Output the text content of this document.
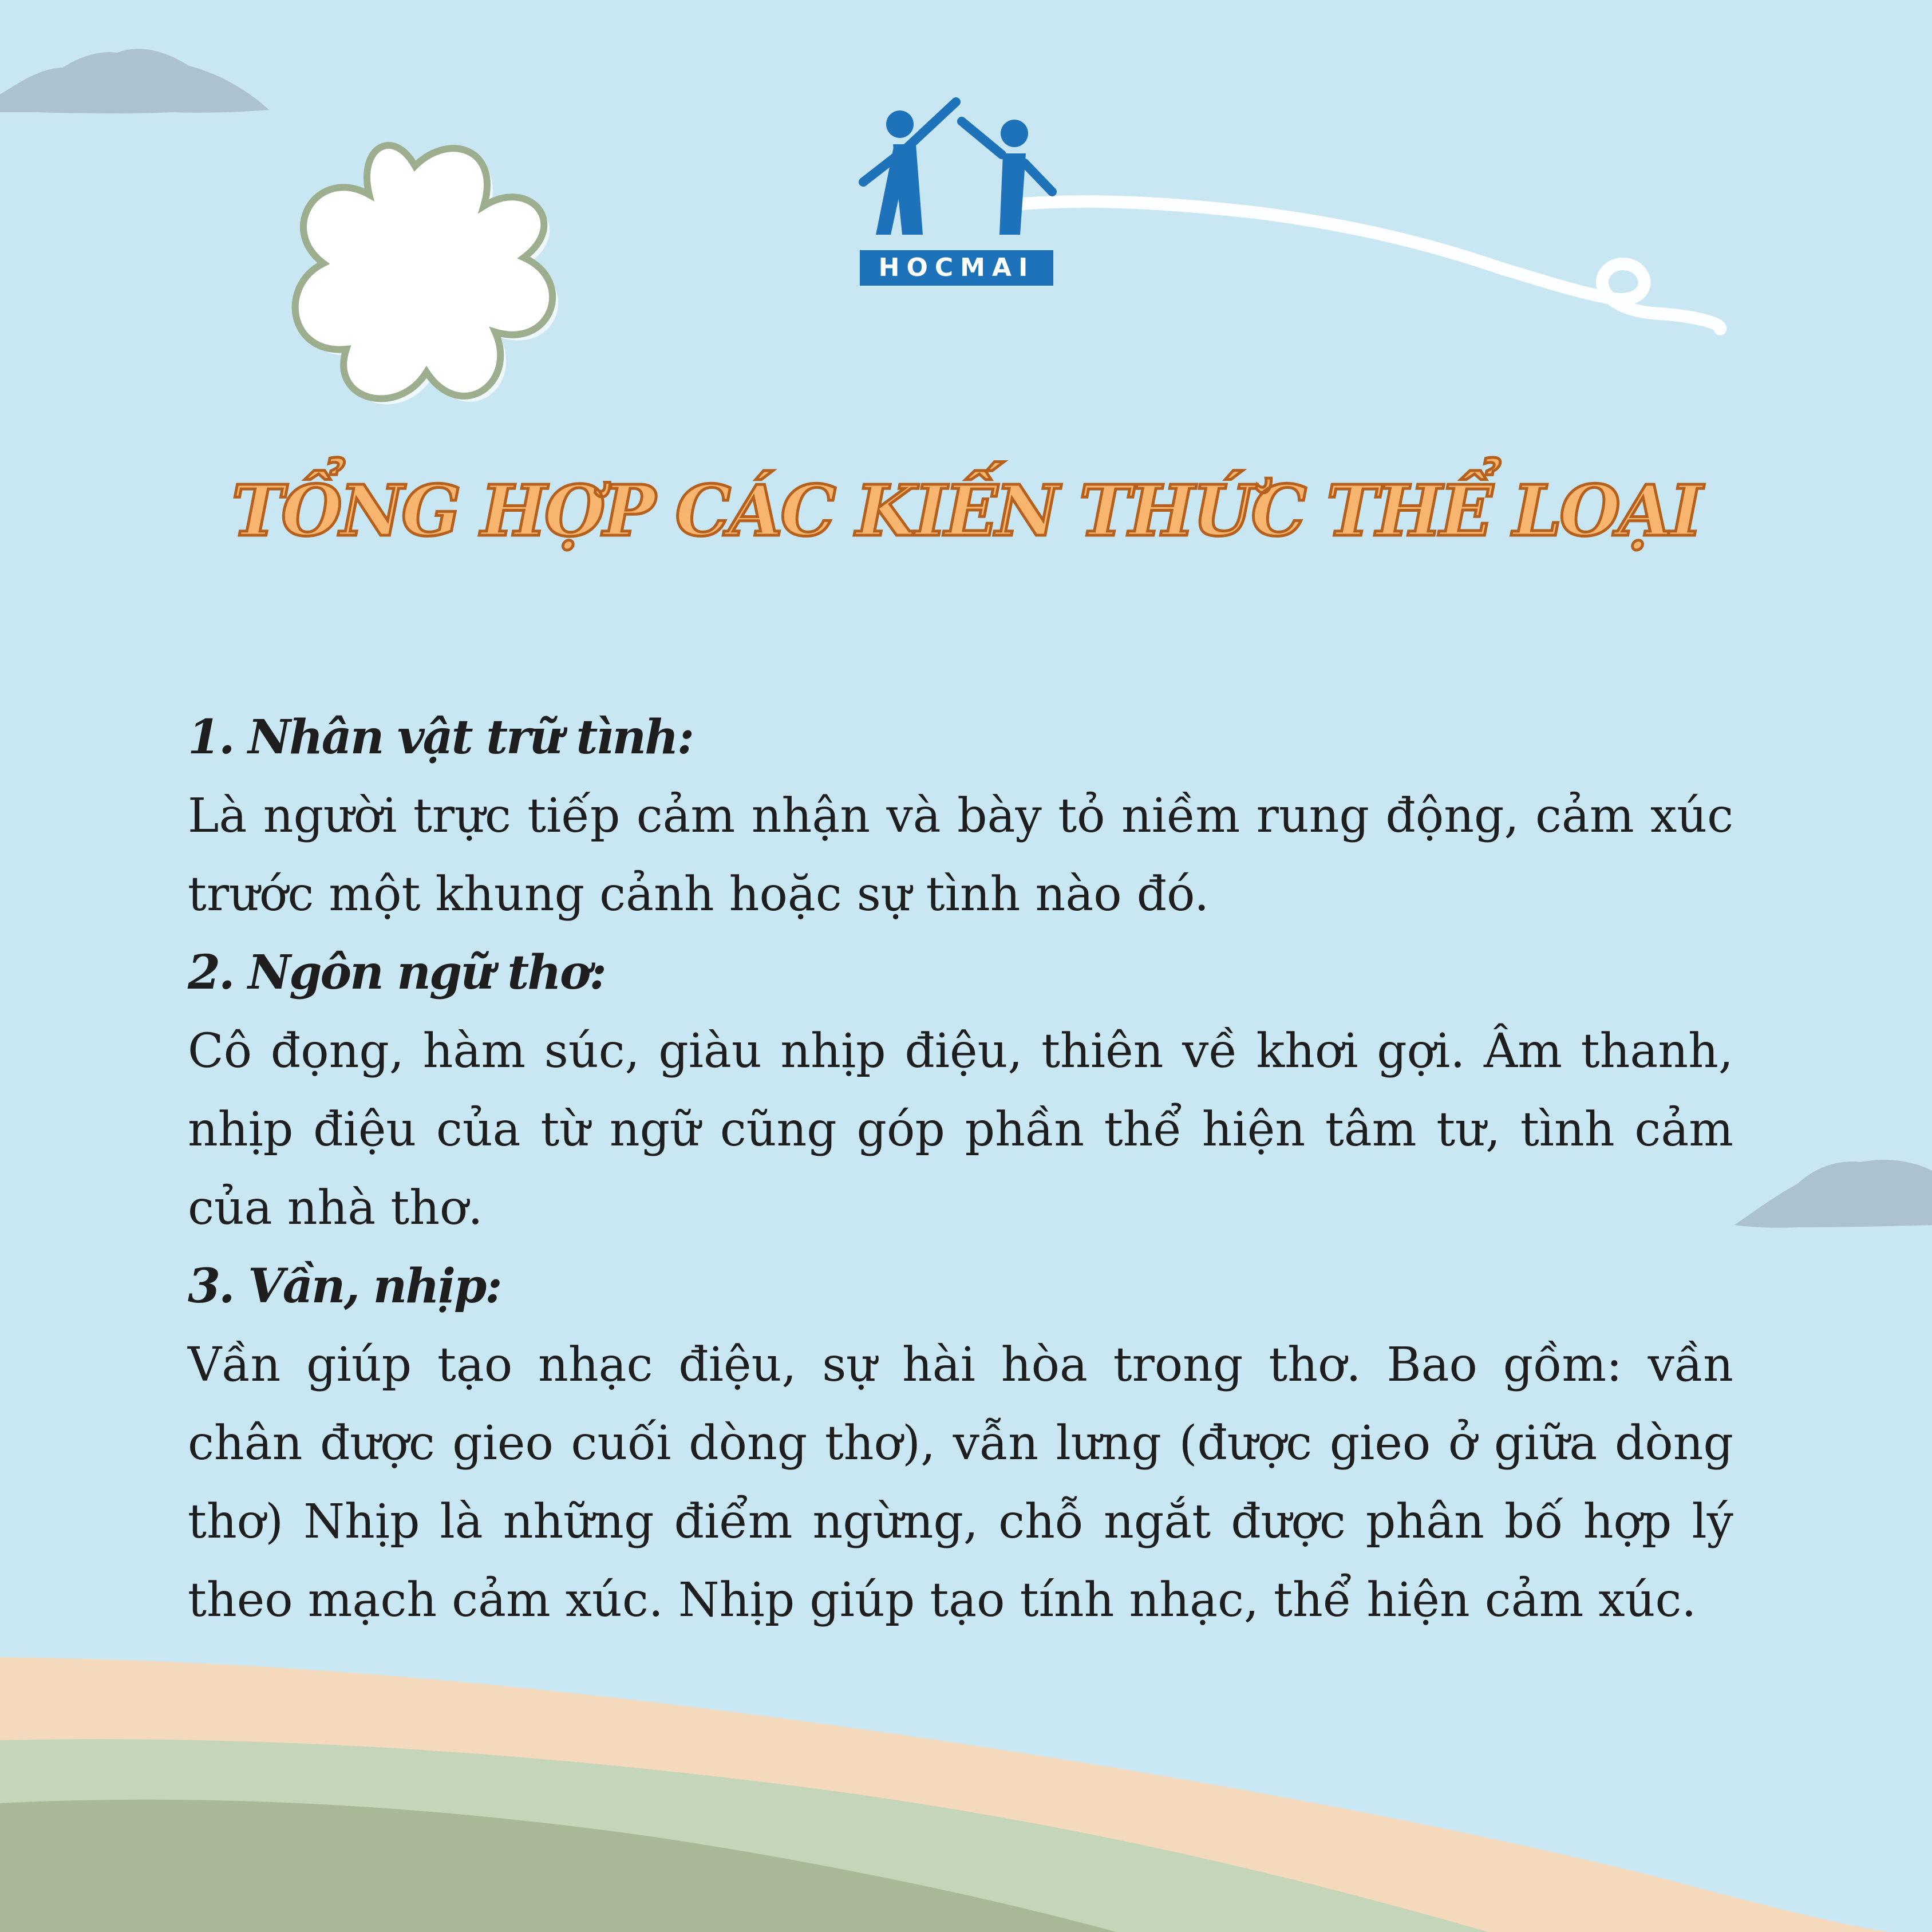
HOCMAI
TỔNG HỢP CÁC KIẾN THỨC THỂ LOẠI
1. Nhân vật trữ tình:
Là người trực tiếp cảm nhận và bày tỏ niềm rung động, cảm xúc trước một khung cảnh hoặc sự tình nào đó.
2. Ngôn ngữ thơ:
Cô đọng, hàm súc, giàu nhịp điệu, thiên về khơi gợi. Âm thanh, nhịp điệu của từ ngữ cũng góp phần thể hiện tâm tư, tình cảm của nhà thơ.
3. Vần, nhịp:
Vần giúp tạo nhạc điệu, sự hài hòa trong thơ. Bao gồm: vần chân được gieo cuối dòng thơ), vẫn lưng (được gieo ở giữa dòng thơ) Nhịp là những điểm ngừng, chỗ ngắt được phân bố hợp lý theo mạch cảm xúc. Nhịp giúp tạo tính nhạc, thể hiện cảm xúc.
